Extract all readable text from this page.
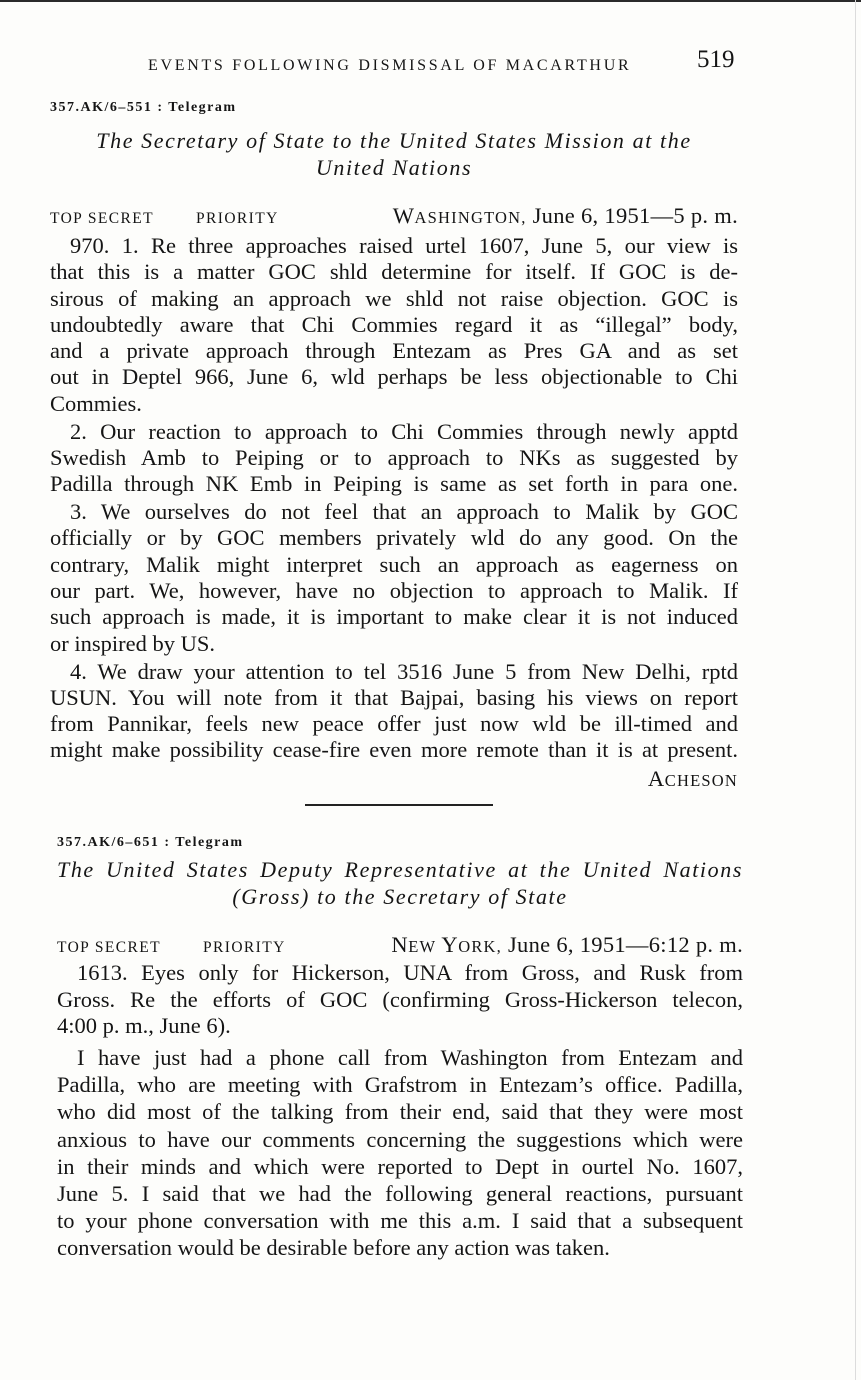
EVENTS FOLLOWING DISMISSAL OF MACARTHUR	519
357.AK/6–551 : Telegram
The Secretary of State to the United States Mission at the
United Nations
TOP SECRET	PRIORITY	WASHINGTON, June 6, 1951—5 p. m.
970. 1. Re three approaches raised urtel 1607, June 5, our view is
that this is a matter GOC shld determine for itself. If GOC is de-
sirous of making an approach we shld not raise objection. GOC is
undoubtedly aware that Chi Commies regard it as “illegal” body,
and a private approach through Entezam as Pres GA and as set
out in Deptel 966, June 6, wld perhaps be less objectionable to Chi
Commies.
2. Our reaction to approach to Chi Commies through newly apptd
Swedish Amb to Peiping or to approach to NKs as suggested by
Padilla through NK Emb in Peiping is same as set forth in para one.
3. We ourselves do not feel that an approach to Malik by GOC
officially or by GOC members privately wld do any good. On the
contrary, Malik might interpret such an approach as eagerness on
our part. We, however, have no objection to approach to Malik. If
such approach is made, it is important to make clear it is not induced
or inspired by US.
4. We draw your attention to tel 3516 June 5 from New Delhi, rptd
USUN. You will note from it that Bajpai, basing his views on report
from Pannikar, feels new peace offer just now wld be ill-timed and
might make possibility cease-fire even more remote than it is at present.
ACHESON
357.AK/6–651 : Telegram
The United States Deputy Representative at the United Nations
(Gross) to the Secretary of State
TOP SECRET	PRIORITY	NEW YORK, June 6, 1951—6:12 p. m.
1613. Eyes only for Hickerson, UNA from Gross, and Rusk from
Gross. Re the efforts of GOC (confirming Gross-Hickerson telecon,
4:00 p. m., June 6).
I have just had a phone call from Washington from Entezam and
Padilla, who are meeting with Grafstrom in Entezam’s office. Padilla,
who did most of the talking from their end, said that they were most
anxious to have our comments concerning the suggestions which were
in their minds and which were reported to Dept in ourtel No. 1607,
June 5. I said that we had the following general reactions, pursuant
to your phone conversation with me this a.m. I said that a subsequent
conversation would be desirable before any action was taken.
